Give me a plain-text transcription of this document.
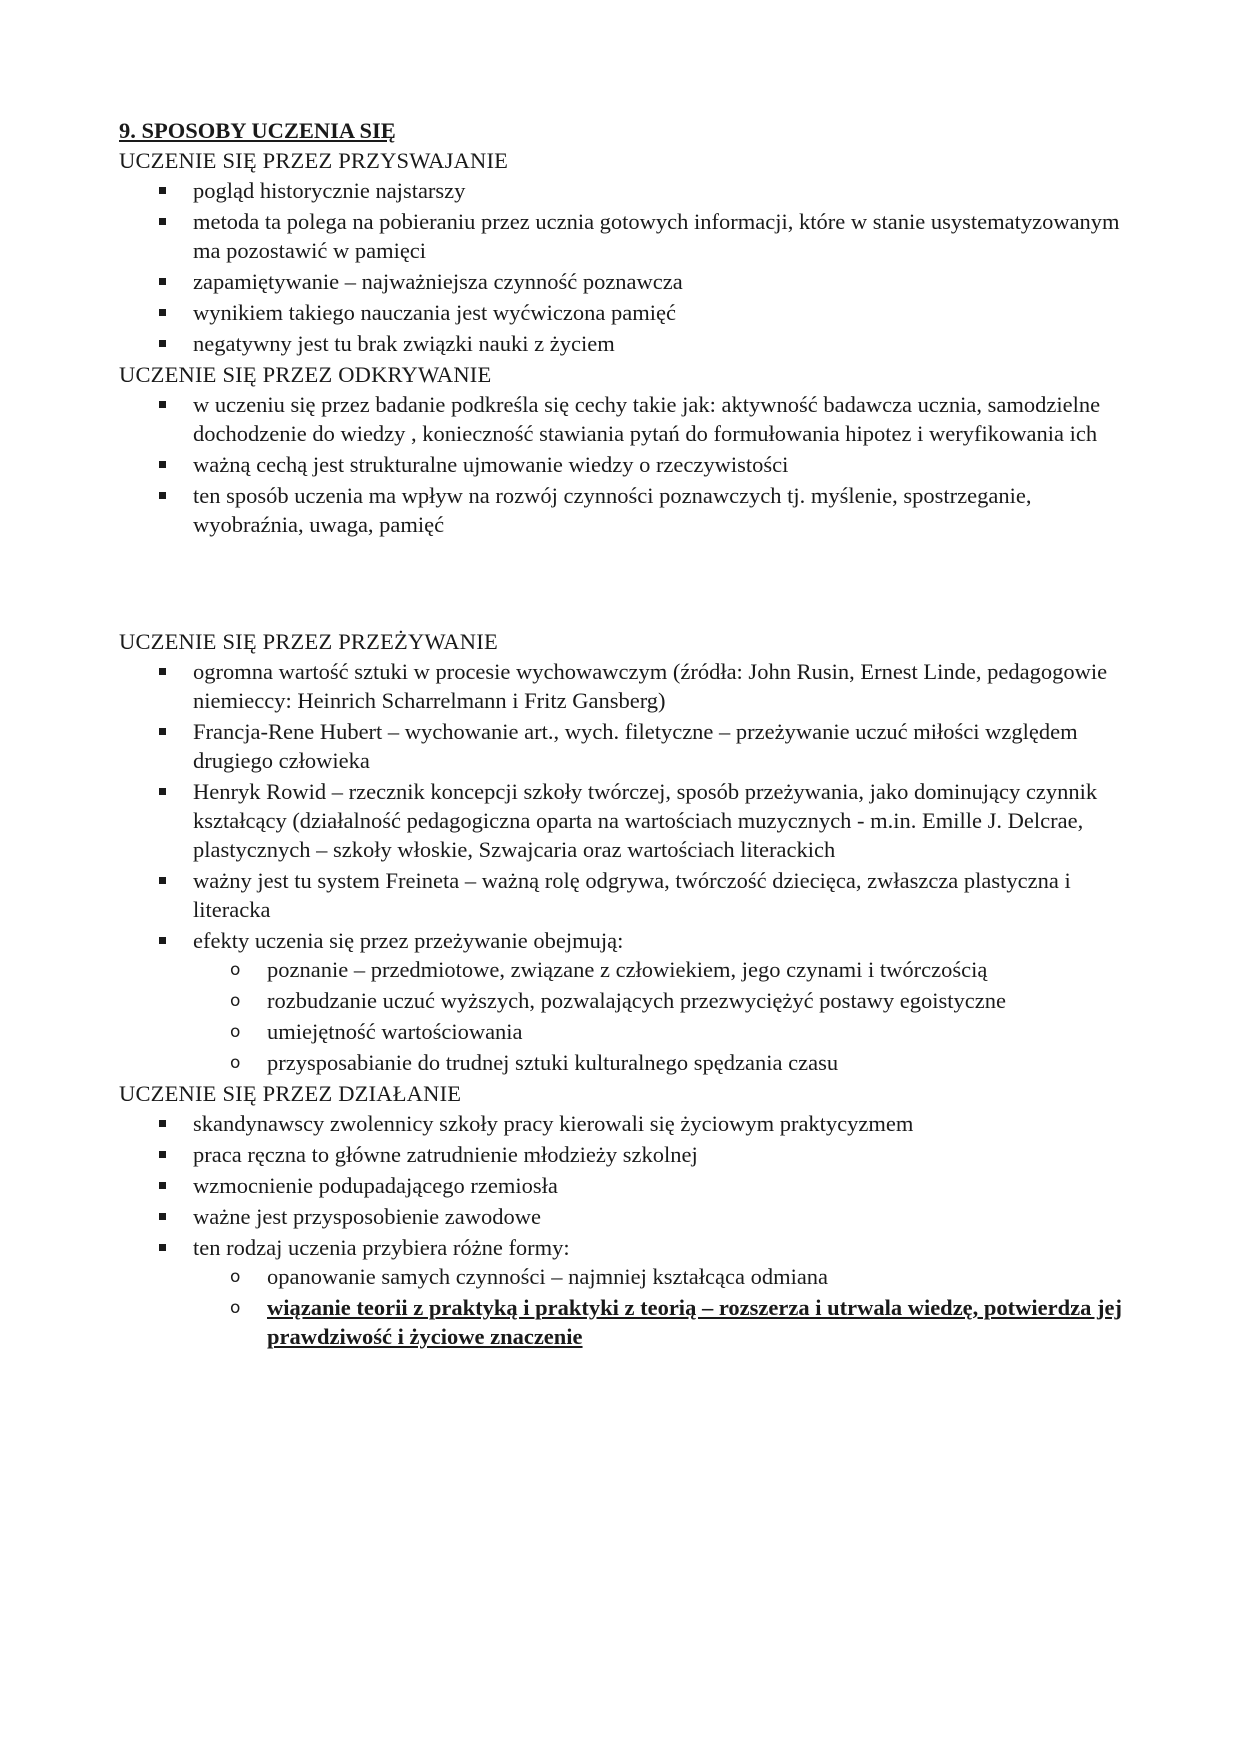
9. SPOSOBY UCZENIA SIĘ

UCZENIE SIĘ PRZEZ PRZYSWAJANIE

pogląd historycznie najstarszy
metoda ta polega na pobieraniu przez ucznia gotowych informacji, które w stanie usystematyzowanym ma pozostawić w pamięci
zapamiętywanie – najważniejsza czynność poznawcza
wynikiem takiego nauczania jest wyćwiczona pamięć
negatywny jest tu brak związki nauki z życiem

UCZENIE SIĘ PRZEZ ODKRYWANIE

w uczeniu się przez badanie podkreśla się cechy takie jak: aktywność badawcza ucznia, samodzielne dochodzenie do wiedzy , konieczność stawiania pytań do formułowania hipotez i weryfikowania ich
ważną cechą jest strukturalne ujmowanie wiedzy o rzeczywistości
ten sposób uczenia ma wpływ na rozwój czynności poznawczych tj. myślenie, spostrzeganie, wyobraźnia, uwaga, pamięć

UCZENIE SIĘ PRZEZ PRZEŻYWANIE

ogromna wartość sztuki w procesie wychowawczym (źródła: John Rusin, Ernest Linde, pedagogowie niemieccy: Heinrich Scharrelmann i Fritz Gansberg)
Francja-Rene Hubert – wychowanie art., wych. filetyczne – przeżywanie uczuć miłości względem drugiego człowieka
Henryk Rowid – rzecznik koncepcji szkoły twórczej, sposób przeżywania, jako dominujący czynnik kształcący (działalność pedagogiczna oparta na wartościach muzycznych - m.in. Emille J. Delcrae, plastycznych – szkoły włoskie, Szwajcaria oraz wartościach literackich
ważny jest tu system Freineta – ważną rolę odgrywa, twórczość dziecięca, zwłaszcza plastyczna i literacka
efekty uczenia się przez przeżywanie obejmują:
o poznanie – przedmiotowe, związane z człowiekiem, jego czynami i twórczością
o rozbudzanie uczuć wyższych, pozwalających przezwyciężyć postawy egoistyczne
o umiejętność wartościowania
o przysposabianie do trudnej sztuki kulturalnego spędzania czasu

UCZENIE SIĘ PRZEZ DZIAŁANIE

skandynawscy zwolennicy szkoły pracy kierowali się życiowym praktycyzmem
praca ręczna to główne zatrudnienie młodzieży szkolnej
wzmocnienie podupadającego rzemiosła
ważne jest przysposobienie zawodowe
ten rodzaj uczenia przybiera różne formy:
o opanowanie samych czynności – najmniej kształcąca odmiana
o wiązanie teorii z praktyką i praktyki z teorią – rozszerza i utrwala wiedzę, potwierdza jej prawdziwość i życiowe znaczenie
